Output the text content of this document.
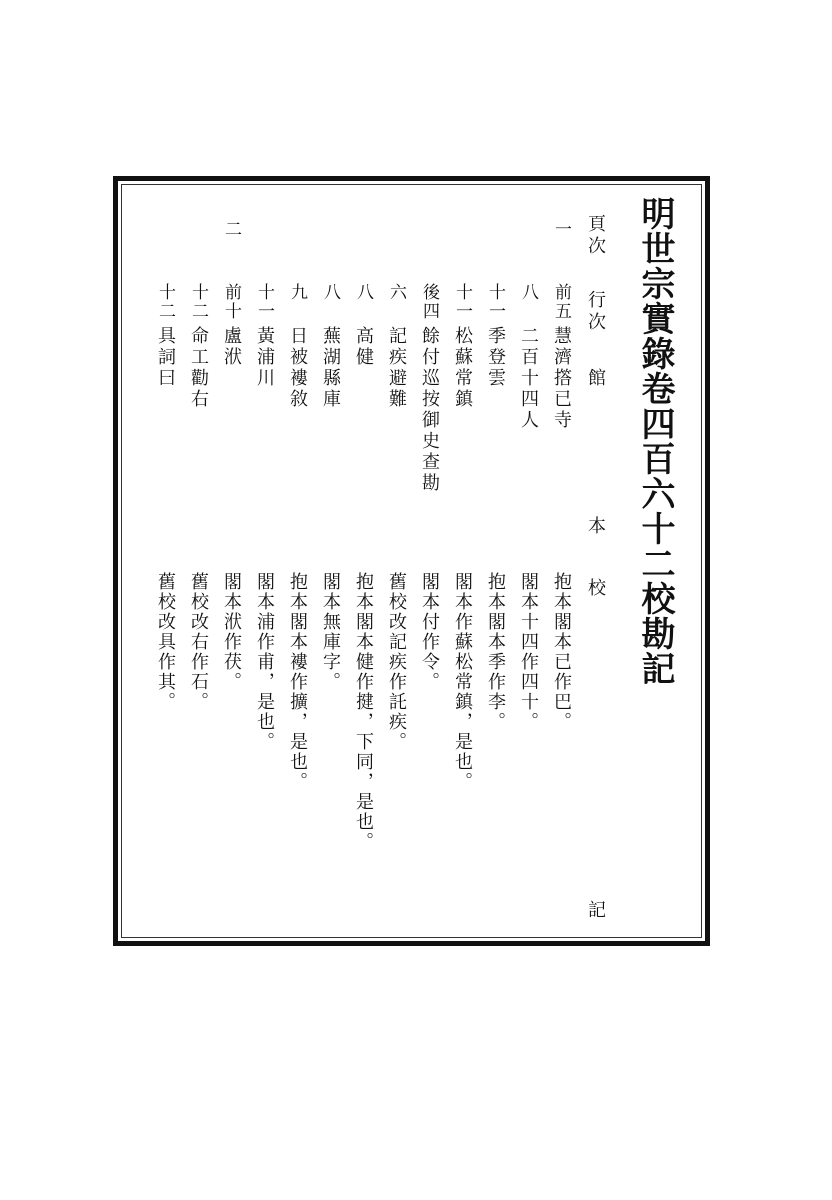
明世宗實錄卷四百六十二校勘記
頁次
行次
館
本
校
記
一
前五
慧濟撘已寺
抱本閣本已作巴。
八
二百十四人
閣本十四作四十。
十一
季登雲
抱本閣本季作李。
十一
松蘇常鎮
閣本作蘇松常鎮，是也。
後四
餘付巡按御史查勘
閣本付作令。
六
記疾避難
舊校改記疾作託疾。
八
高健
抱本閣本健作揵，下同，是也。
八
蕪湖縣庫
閣本無庫字。
九
日被褸敘
抱本閣本褸作擴，是也。
十一
黃浦川
閣本浦作甫，是也。
二
前十
盧洑
閣本洑作茯。
十二
命工勸右
舊校改右作石。
十二
具詞曰
舊校改具作其。
